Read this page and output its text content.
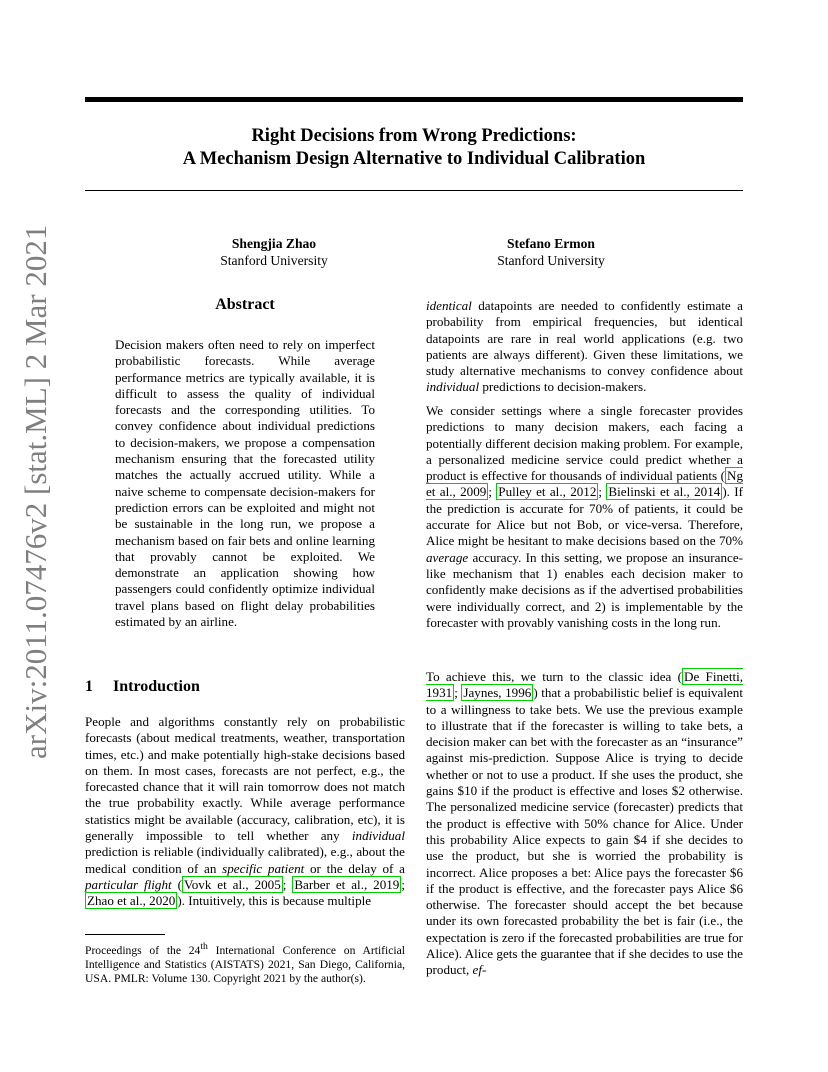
Right Decisions from Wrong Predictions:
A Mechanism Design Alternative to Individual Calibration
Shengjia Zhao
Stanford University
Stefano Ermon
Stanford University
arXiv:2011.07476v2 [stat.ML] 2 Mar 2021	Abstract

Decision makers often need to rely on imperfect probabilistic forecasts. While average performance metrics are typically available, it is difficult to assess the quality of individual forecasts and the corresponding utilities. To convey confidence about individual predictions to decision-makers, we propose a compensation mechanism ensuring that the forecasted utility matches the actually accrued utility. While a naive scheme to compensate decision-makers for prediction errors can be exploited and might not be sustainable in the long run, we propose a mechanism based on fair bets and online learning that provably cannot be exploited. We demonstrate an application showing how passengers could confidently optimize individual travel plans based on flight delay probabilities estimated by an airline.

1 Introduction

People and algorithms constantly rely on probabilistic forecasts (about medical treatments, weather, transportation times, etc.) and make potentially high-stake decisions based on them. In most cases, forecasts are not perfect, e.g., the forecasted chance that it will rain tomorrow does not match the true probability exactly. While average performance statistics might be available (accuracy, calibration, etc), it is generally impossible to tell whether any individual prediction is reliable (individually calibrated), e.g., about the medical condition of an specific patient or the delay of a particular flight ( Vovk et al., 2005 ; Barber et al., 2019 ; Zhao et al., 2020 ). Intuitively, this is because multiple

Proceedings of the 24th International Conference on Artificial Intelligence and Statistics (AISTATS) 2021, San Diego, California, USA. PMLR: Volume 130. Copyright 2021 by the author(s).

identical datapoints are needed to confidently estimate a probability from empirical frequencies, but identical datapoints are rare in real world applications (e.g. two patients are always different). Given these limitations, we study alternative mechanisms to convey confidence about individual predictions to decision-makers.

We consider settings where a single forecaster provides predictions to many decision makers, each facing a potentially different decision making problem. For example, a personalized medicine service could predict whether a product is effective for thousands of individual patients ( Ng et al., 2009 ; Pulley et al., 2012 ; Bielinski et al., 2014 ). If the prediction is accurate for 70% of patients, it could be accurate for Alice but not Bob, or vice-versa. Therefore, Alice might be hesitant to make decisions based on the 70% average accuracy. In this setting, we propose an insurance-like mechanism that 1) enables each decision maker to confidently make decisions as if the advertised probabilities were individually correct, and 2) is implementable by the forecaster with provably vanishing costs in the long run.

To achieve this, we turn to the classic idea ( De Finetti, 1931 ; Jaynes, 1996 ) that a probabilistic belief is equivalent to a willingness to take bets. We use the previous example to illustrate that if the forecaster is willing to take bets, a decision maker can bet with the forecaster as an “insurance” against mis-prediction. Suppose Alice is trying to decide whether or not to use a product. If she uses the product, she gains $10 if the product is effective and loses $2 otherwise. The personalized medicine service (forecaster) predicts that the product is effective with 50% chance for Alice. Under this probability Alice expects to gain $4 if she decides to use the product, but she is worried the probability is incorrect. Alice proposes a bet: Alice pays the forecaster $6 if the product is effective, and the forecaster pays Alice $6 otherwise. The forecaster should accept the bet because under its own forecasted probability the bet is fair (i.e., the expectation is zero if the forecasted probabilities are true for Alice). Alice gets the guarantee that if she decides to use the product, ef-
